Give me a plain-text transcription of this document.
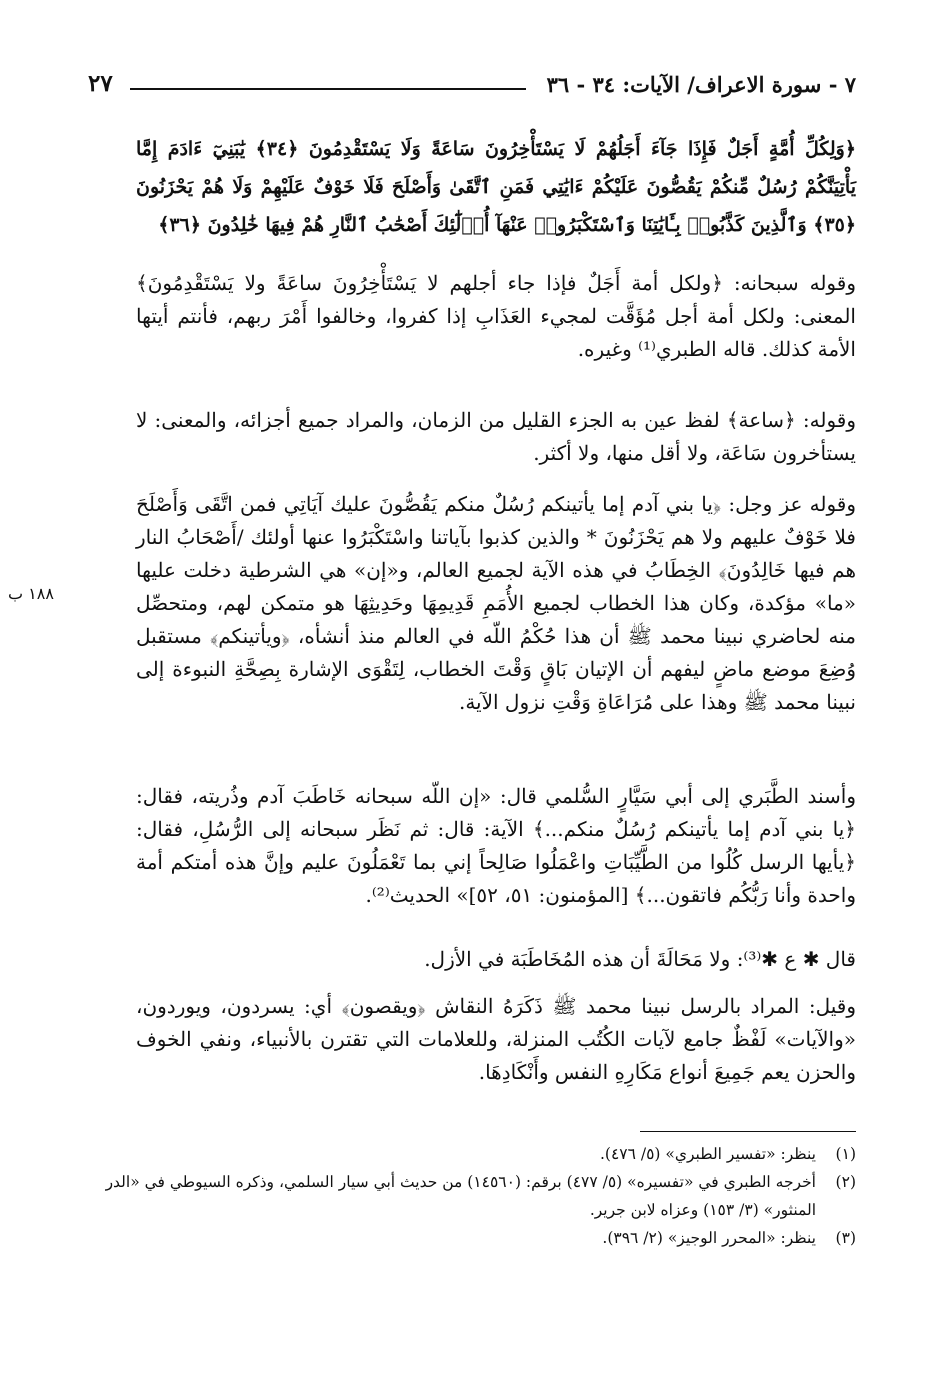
٧ - سورة الاعراف/ الآيات: ٣٤ - ٣٦
٢٧

﴿وَلِكُلِّ أُمَّةٍ أَجَلٌ فَإِذَا جَآءَ أَجَلُهُمْ لَا يَسْتَأْخِرُونَ سَاعَةً وَلَا يَسْتَقْدِمُونَ ﴿٣٤﴾ يَٰبَنِيٓ ءَادَمَ إِمَّا يَأْتِيَنَّكُمْ رُسُلٌ مِّنكُمْ يَقُصُّونَ عَلَيْكُمْ ءَايَٰتِي فَمَنِ ٱتَّقَىٰ وَأَصْلَحَ فَلَا خَوْفٌ عَلَيْهِمْ وَلَا هُمْ يَحْزَنُونَ ﴿٣٥﴾ وَٱلَّذِينَ كَذَّبُوا۟ بِـَٔايَٰتِنَا وَٱسْتَكْبَرُوا۟ عَنْهَآ أُو۟لَٰٓئِكَ أَصْحَٰبُ ٱلنَّارِ هُمْ فِيهَا خَٰلِدُونَ ﴿٣٦﴾

وقوله سبحانه: ﴿ولكل أمة أَجَلٌ فإذا جاء أجلهم لا يَسْتَأْخِرُونَ ساعَةً ولا يَسْتَقْدِمُونَ﴾ المعنى: ولكل أمة أجل مُؤَقَّت لمجيء العَذَابِ إذا كفروا، وخالفوا أَمْرَ ربهم، فأنتم أيتها الأمة كذلك. قاله الطبري⁽¹⁾ وغيره.

وقوله: ﴿ساعة﴾ لفظ عين به الجزء القليل من الزمان، والمراد جميع أجزائه، والمعنى: لا يستأخرون سَاعَة، ولا أقل منها، ولا أكثر.

وقوله عز وجل: ﴿يا بني آدم إما يأتينكم رُسُلٌ منكم يَقُصُّونَ عليك آيَاتِي فمن اتَّقَى وَأَصْلَحَ فلا خَوْفٌ عليهم ولا هم يَحْزَنُونَ * والذين كذبوا بآياتنا واسْتَكْبَرُوا عنها أولئك /أَصْحَابُ النار هم فيها خَالِدُونَ﴾ الخِطَابُ في هذه الآية لجميع العالم، و«إن» هي الشرطية دخلت عليها «ما» مؤكدة، وكان هذا الخطاب لجميع الأُمَمِ قَدِيمِهَا وحَدِيثِهَا هو متمكن لهم، ومتحصِّل منه لحاضري نبينا محمد ﷺ أن هذا حُكْمُ اللّه في العالم منذ أنشأه، ﴿ويأتينكم﴾ مستقبل وُضِعَ موضع ماضٍ ليفهم أن الإتيان بَاقٍ وَقْتَ الخطاب، لِتَقْوَى الإشارة بِصِحَّةِ النبوءة إلى نبينا محمد ﷺ وهذا على مُرَاعَاةِ وَقْتِ نزول الآية.

١٨٨ ب

وأسند الطَّبَري إلى أبي سَيَّارٍ السُّلمي قال: «إن اللّه سبحانه خَاطَبَ آدم وذُريته، فقال: ﴿يا بني آدم إما يأتينكم رُسُلٌ منكم...﴾ الآية: قال: ثم نَظَر سبحانه إلى الرُّسُلِ، فقال: ﴿يأيها الرسل كُلُوا من الطَّيِّبَاتِ واعْمَلُوا صَالِحاً إني بما تَعْمَلُونَ عليم وإنَّ هذه أمتكم أمة واحدة وأنا رَبُّكُم فاتقون...﴾ [المؤمنون: ٥١، ٥٢]» الحديث⁽²⁾.

قال ✱ ع ✱⁽³⁾: ولا مَحَالَةَ أن هذه المُخَاطَبَة في الأزل.

وقيل: المراد بالرسل نبينا محمد ﷺ ذَكَرَهُ النقاش ﴿ويقصون﴾ أي: يسردون، ويوردون، «والآيات» لَفْظٌ جامع لآيات الكُتُب المنزلة، وللعلامات التي تقترن بالأنبياء، ونفي الخوف والحزن يعم جَمِيعَ أنواع مَكَارِهِ النفس وأَنْكَادِهَا.

(١)
ينظر: «تفسير الطبري» (٥/ ٤٧٦).
(٢)
أخرجه الطبري في «تفسيره» (٥/ ٤٧٧) برقم: (١٤٥٦٠) من حديث أبي سيار السلمي، وذكره السيوطي في «الدر المنثور» (٣/ ١٥٣) وعزاه لابن جرير.
(٣)
ينظر: «المحرر الوجيز» (٢/ ٣٩٦).
